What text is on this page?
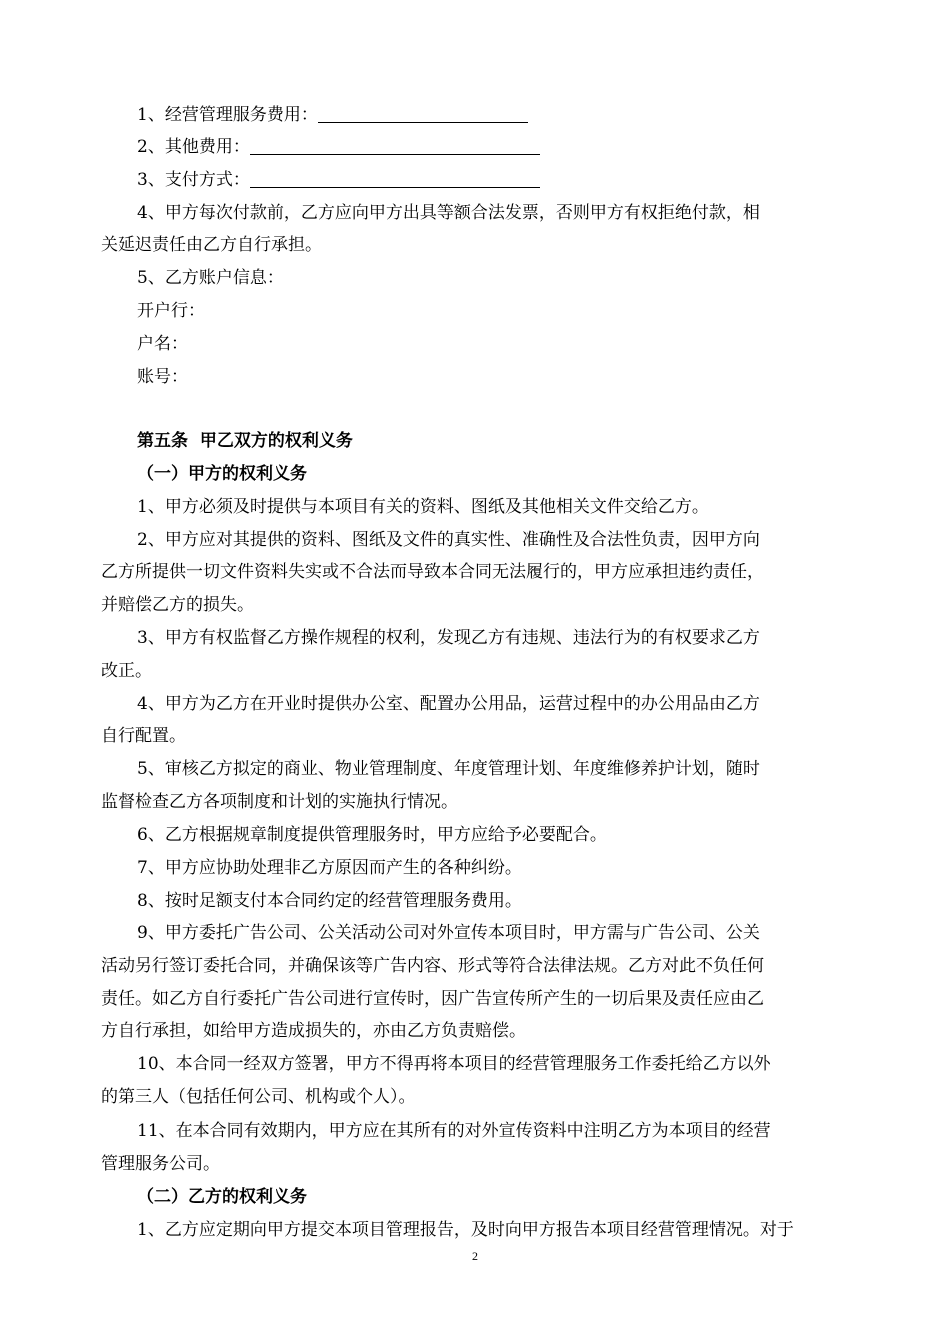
1、经营管理服务费用：
2、其他费用：
3、支付方式：
4、甲方每次付款前，乙方应向甲方出具等额合法发票，否则甲方有权拒绝付款，相
关延迟责任由乙方自行承担。
5、乙方账户信息：
开户行：
户名：
账号：
第五条  甲乙双方的权利义务
（一）甲方的权利义务
1、甲方必须及时提供与本项目有关的资料、图纸及其他相关文件交给乙方。
2、甲方应对其提供的资料、图纸及文件的真实性、准确性及合法性负责，因甲方向
乙方所提供一切文件资料失实或不合法而导致本合同无法履行的，甲方应承担违约责任，
并赔偿乙方的损失。
3、甲方有权监督乙方操作规程的权利，发现乙方有违规、违法行为的有权要求乙方
改正。
4、甲方为乙方在开业时提供办公室、配置办公用品，运营过程中的办公用品由乙方
自行配置。
5、审核乙方拟定的商业、物业管理制度、年度管理计划、年度维修养护计划，随时
监督检查乙方各项制度和计划的实施执行情况。
6、乙方根据规章制度提供管理服务时，甲方应给予必要配合。
7、甲方应协助处理非乙方原因而产生的各种纠纷。
8、按时足额支付本合同约定的经营管理服务费用。
9、甲方委托广告公司、公关活动公司对外宣传本项目时，甲方需与广告公司、公关
活动另行签订委托合同，并确保该等广告内容、形式等符合法律法规。乙方对此不负任何
责任。如乙方自行委托广告公司进行宣传时，因广告宣传所产生的一切后果及责任应由乙
方自行承担，如给甲方造成损失的，亦由乙方负责赔偿。
10、本合同一经双方签署，甲方不得再将本项目的经营管理服务工作委托给乙方以外
的第三人（包括任何公司、机构或个人）。
11、在本合同有效期内，甲方应在其所有的对外宣传资料中注明乙方为本项目的经营
管理服务公司。
（二）乙方的权利义务
1、乙方应定期向甲方提交本项目管理报告，及时向甲方报告本项目经营管理情况。对于
2
